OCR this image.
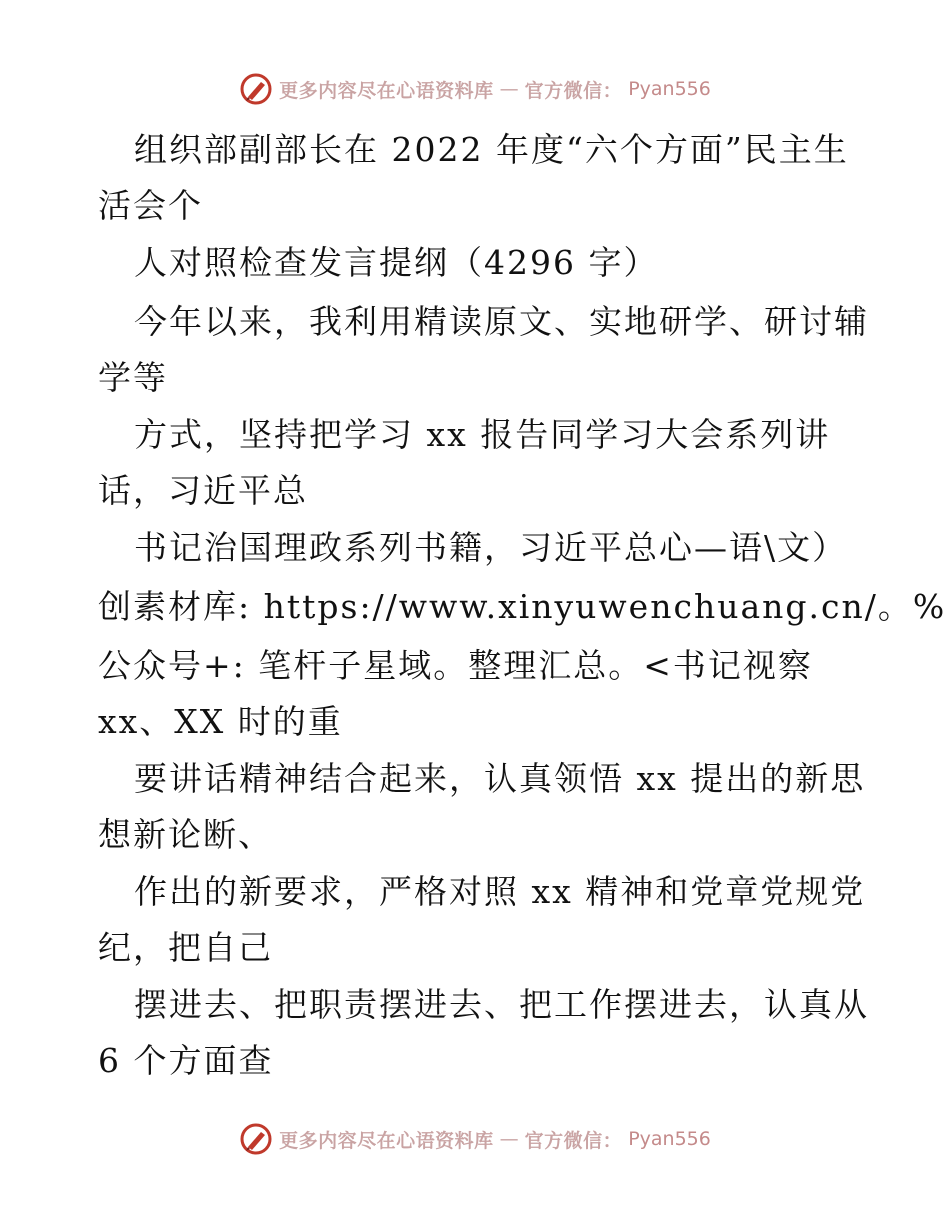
更多内容尽在心语资料库 — 官方微信： Pyan556
组织部副部长在 2022 年度“六个方面”民主生
活会个
人对照检查发言提纲（4296 字）
今年以来，我利用精读原文、实地研学、研讨辅
学等
方式，坚持把学习 xx 报告同学习大会系列讲
话，习近平总
书记治国理政系列书籍，习近平总心—语\文）
创素材库: https://www.xinyuwenchuang.cn/。%
公众号+: 笔杆子星域。整理汇总。<书记视察
xx、XX 时的重
要讲话精神结合起来，认真领悟 xx 提出的新思
想新论断、
作出的新要求，严格对照 xx 精神和党章党规党
纪，把自己
摆进去、把职责摆进去、把工作摆进去，认真从
6 个方面查
更多内容尽在心语资料库 — 官方微信： Pyan556
